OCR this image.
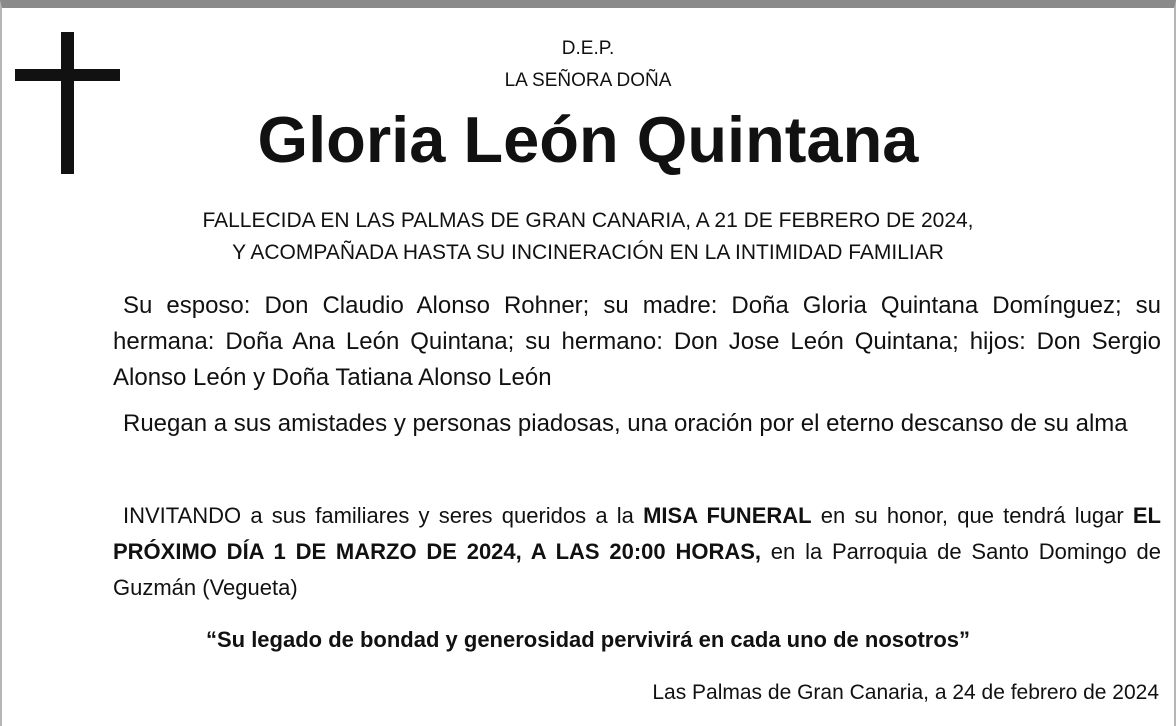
D.E.P.
LA SEÑORA DOÑA
Gloria León Quintana
FALLECIDA EN LAS PALMAS DE GRAN CANARIA, A 21 DE FEBRERO DE 2024,
Y ACOMPAÑADA HASTA SU INCINERACIÓN EN LA INTIMIDAD FAMILIAR
Su esposo: Don Claudio Alonso Rohner; su madre: Doña Gloria Quintana Domínguez; su hermana: Doña Ana León Quintana; su hermano: Don Jose León Quintana; hijos: Don Sergio Alonso León y Doña Tatiana Alonso León
Ruegan a sus amistades y personas piadosas, una oración por el eterno descanso de su alma
INVITANDO a sus familiares y seres queridos a la MISA FUNERAL en su honor, que tendrá lugar EL PRÓXIMO DÍA 1 DE MARZO DE 2024, A LAS 20:00 HORAS, en la Parroquia de Santo Domingo de Guzmán (Vegueta)
“Su legado de bondad y generosidad pervivirá en cada uno de nosotros”
Las Palmas de Gran Canaria, a 24 de febrero de 2024
